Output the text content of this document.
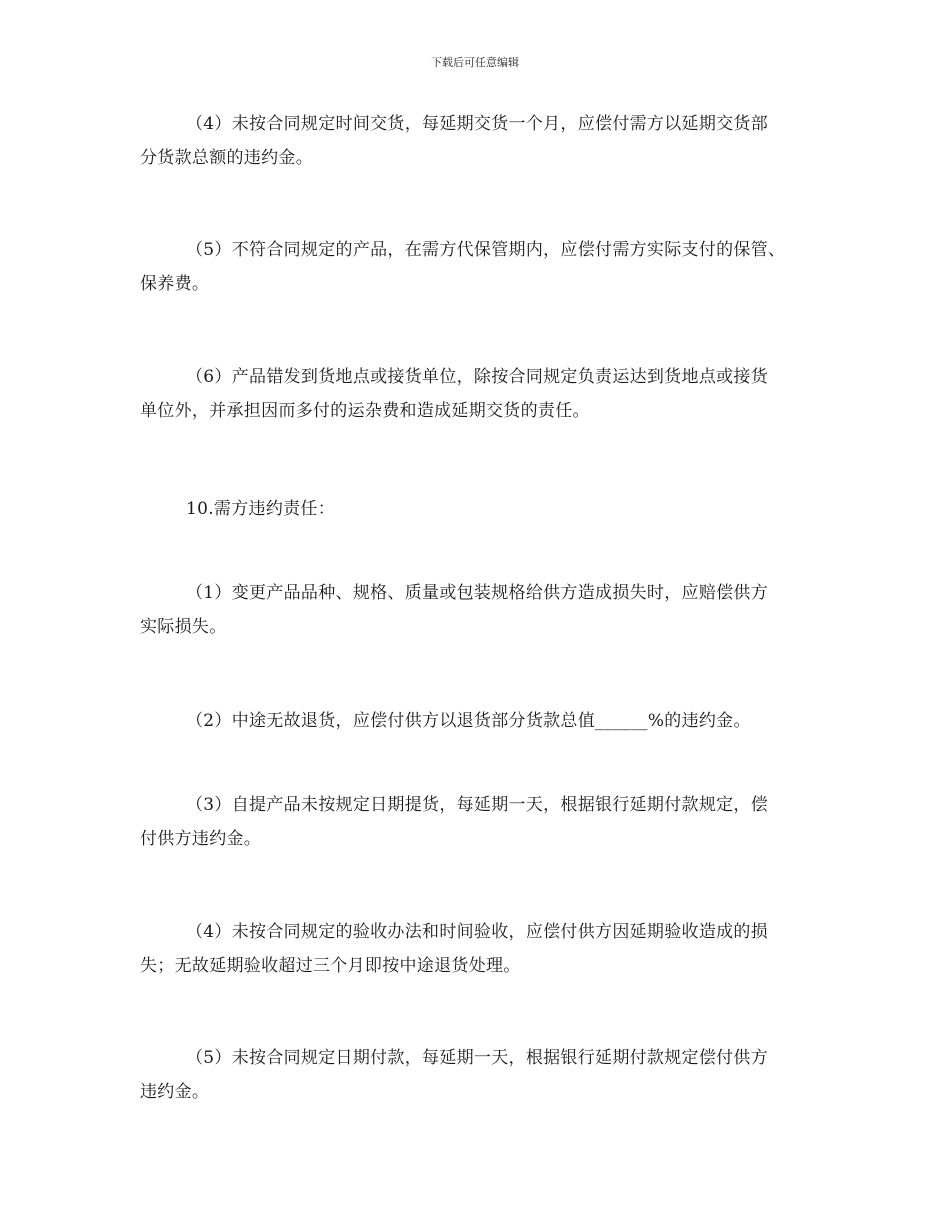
下载后可任意编辑
（4）未按合同规定时间交货，每延期交货一个月，应偿付需方以延期交货部
分货款总额的违约金。
（5）不符合同规定的产品，在需方代保管期内，应偿付需方实际支付的保管、
保养费。
（6）产品错发到货地点或接货单位，除按合同规定负责运达到货地点或接货
单位外，并承担因而多付的运杂费和造成延期交货的责任。
10.需方违约责任：
（1）变更产品品种、规格、质量或包装规格给供方造成损失时，应赔偿供方
实际损失。
（2）中途无故退货，应偿付供方以退货部分货款总值______%的违约金。
（3）自提产品未按规定日期提货，每延期一天，根据银行延期付款规定，偿
付供方违约金。
（4）未按合同规定的验收办法和时间验收，应偿付供方因延期验收造成的损
失；无故延期验收超过三个月即按中途退货处理。
（5）未按合同规定日期付款，每延期一天，根据银行延期付款规定偿付供方
违约金。
